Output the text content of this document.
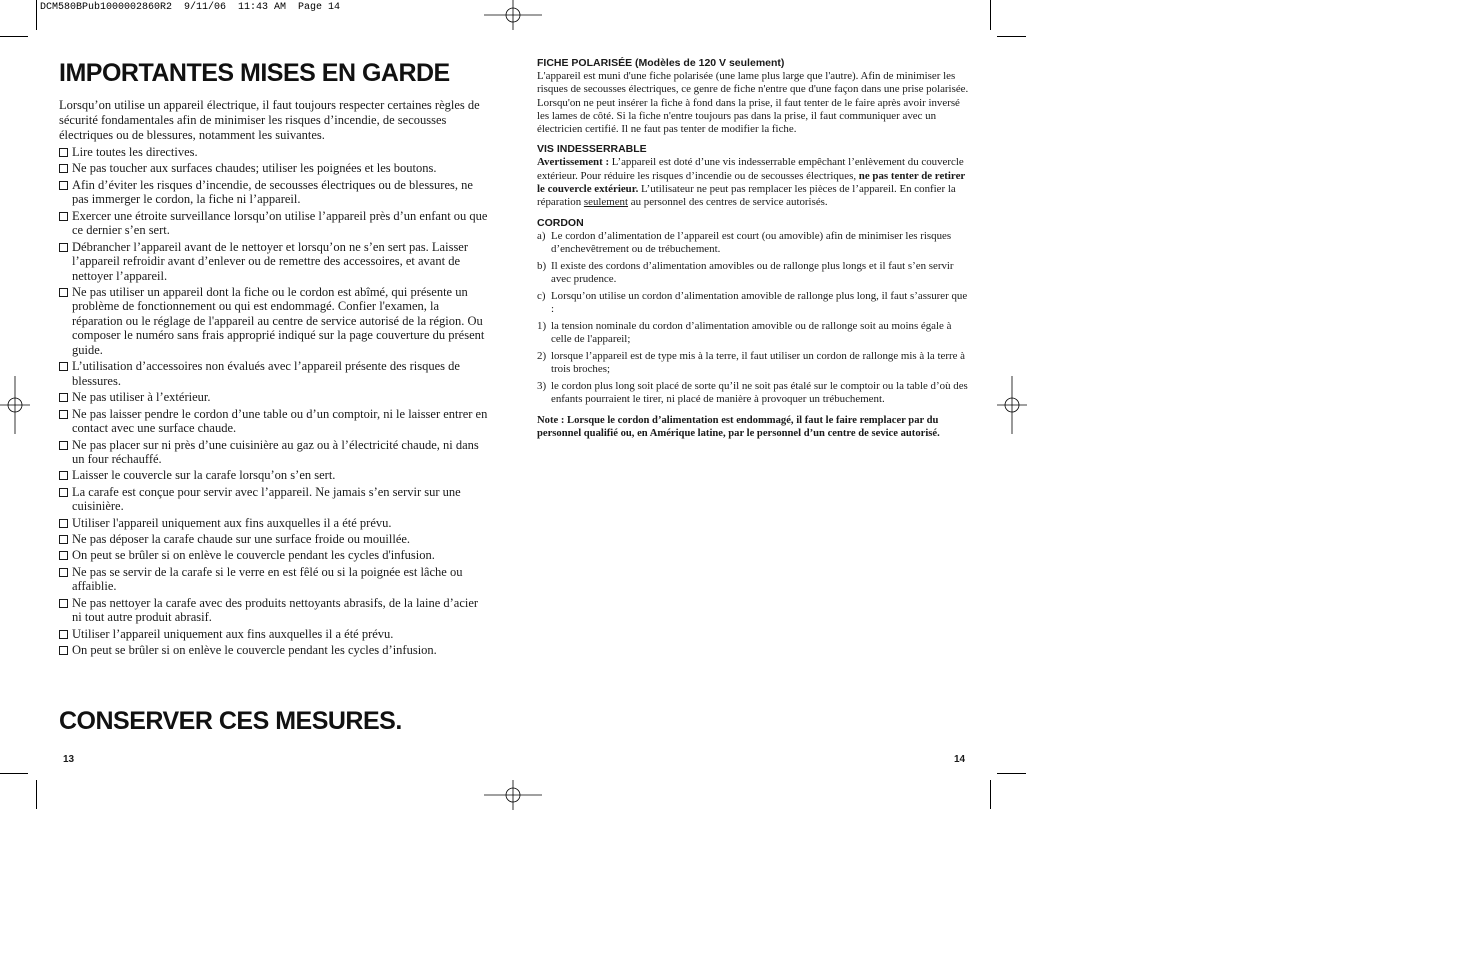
DCM580BPub1000002860R2  9/11/06  11:43 AM  Page 14
IMPORTANTES MISES EN GARDE

Lorsqu’on utilise un appareil électrique, il faut toujours respecter certaines règles de sécurité fondamentales afin de minimiser les risques d’incendie, de secousses électriques ou de blessures, notamment les suivantes.

Lire toutes les directives.
Ne pas toucher aux surfaces chaudes; utiliser les poignées et les boutons.
Afin d’éviter les risques d’incendie, de secousses électriques ou de blessures, ne pas immerger le cordon, la fiche ni l’appareil.
Exercer une étroite surveillance lorsqu’on utilise l’appareil près d’un enfant ou que ce dernier s’en sert.
Débrancher l’appareil avant de le nettoyer et lorsqu’on ne s’en sert pas. Laisser l’appareil refroidir avant d’enlever ou de remettre des accessoires, et avant de nettoyer l’appareil.
Ne pas utiliser un appareil dont la fiche ou le cordon est abîmé, qui présente un problème de fonctionnement ou qui est endommagé. Confier l'examen, la réparation ou le réglage de l'appareil au centre de service autorisé de la région. Ou composer le numéro sans frais approprié indiqué sur la page couverture du présent guide.
L’utilisation d’accessoires non évalués avec l’appareil présente des risques de blessures.
Ne pas utiliser à l’extérieur.
Ne pas laisser pendre le cordon d’une table ou d’un comptoir, ni le laisser entrer en contact avec une surface chaude.
Ne pas placer sur ni près d’une cuisinière au gaz ou à l’électricité chaude, ni dans un four réchauffé.
Laisser le couvercle sur la carafe lorsqu’on s’en sert.
La carafe est conçue pour servir avec l’appareil. Ne jamais s’en servir sur une cuisinière.
Utiliser l'appareil uniquement aux fins auxquelles il a été prévu.
Ne pas déposer la carafe chaude sur une surface froide ou mouillée.
On peut se brûler si on enlève le couvercle pendant les cycles d'infusion.
Ne pas se servir de la carafe si le verre en est fêlé ou si la poignée est lâche ou affaiblie.
Ne pas nettoyer la carafe avec des produits nettoyants abrasifs, de la laine d’acier ni tout autre produit abrasif.
Utiliser l’appareil uniquement aux fins auxquelles il a été prévu.
On peut se brûler si on enlève le couvercle pendant les cycles d’infusion.
CONSERVER CES MESURES.
13

FICHE POLARISÉE (Modèles de 120 V seulement)

L'appareil est muni d'une fiche polarisée (une lame plus large que l'autre). Afin de minimiser les risques de secousses électriques, ce genre de fiche n'entre que d'une façon dans une prise polarisée. Lorsqu'on ne peut insérer la fiche à fond dans la prise, il faut tenter de le faire après avoir inversé les lames de côté. Si la fiche n'entre toujours pas dans la prise, il faut communiquer avec un électricien certifié. Il ne faut pas tenter de modifier la fiche.

VIS INDESSERRABLE

Avertissement : L’appareil est doté d’une vis indesserrable empêchant l’enlèvement du couvercle extérieur. Pour réduire les risques d’incendie ou de secousses électriques, ne pas tenter de retirer le couvercle extérieur. L’utilisateur ne peut pas remplacer les pièces de l’appareil. En confier la réparation seulement au personnel des centres de service autorisés.

CORDON

a) Le cordon d’alimentation de l’appareil est court (ou amovible) afin de minimiser les risques d’enchevêtrement ou de trébuchement.
b) Il existe des cordons d’alimentation amovibles ou de rallonge plus longs et il faut s’en servir avec prudence.
c) Lorsqu’on utilise un cordon d’alimentation amovible de rallonge plus long, il faut s’assurer que :
1) la tension nominale du cordon d’alimentation amovible ou de rallonge soit au moins égale à celle de l'appareil;
2) lorsque l’appareil est de type mis à la terre, il faut utiliser un cordon de rallonge mis à la terre à trois broches;
3) le cordon plus long soit placé de sorte qu’il ne soit pas étalé sur le comptoir ou la table d’où des enfants pourraient le tirer, ni placé de manière à provoquer un trébuchement.

Note : Lorsque le cordon d’alimentation est endommagé, il faut le faire remplacer par du personnel qualifié ou, en Amérique latine, par le personnel d’un centre de sevice autorisé.

14
